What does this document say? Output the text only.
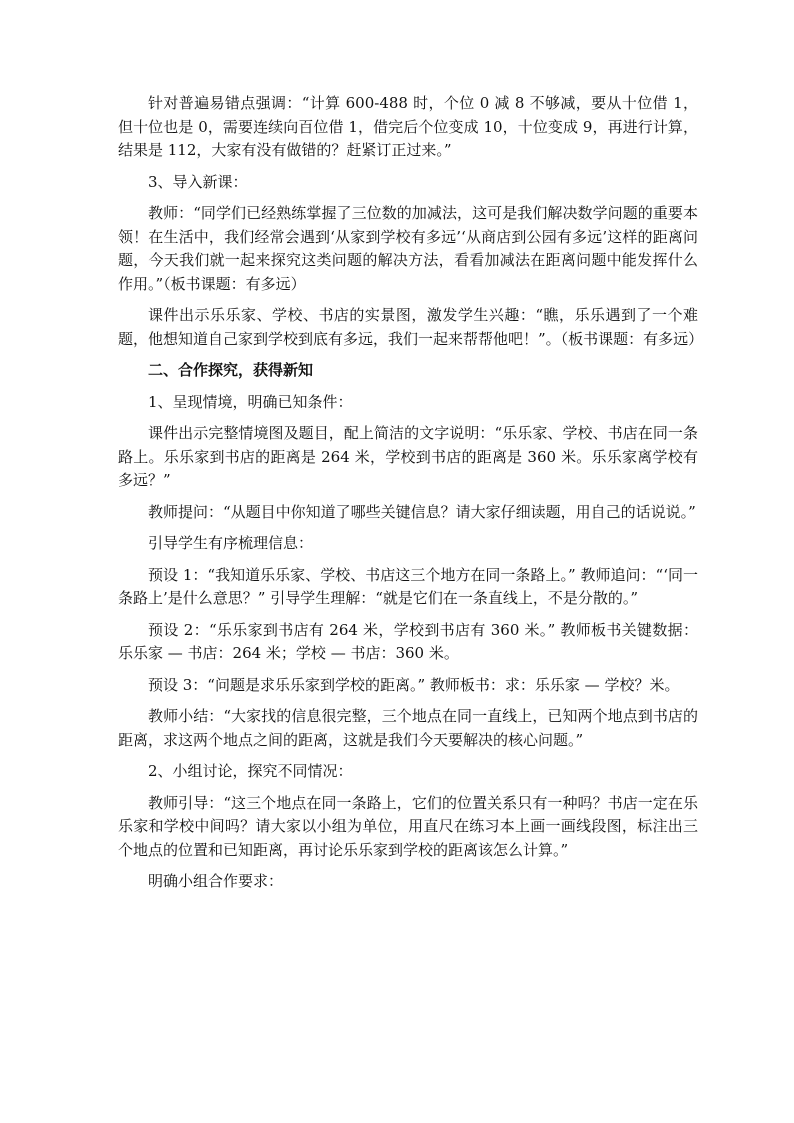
针对普遍易错点强调：“计算 600-488 时，个位 0 减 8 不够减，要从十位借 1，但十位也是 0，需要连续向百位借 1，借完后个位变成 10，十位变成 9，再进行计算，结果是 112，大家有没有做错的？赶紧订正过来。”

3、导入新课：

教师：“同学们已经熟练掌握了三位数的加减法，这可是我们解决数学问题的重要本领！在生活中，我们经常会遇到‘从家到学校有多远’‘从商店到公园有多远’这样的距离问题，今天我们就一起来探究这类问题的解决方法，看看加减法在距离问题中能发挥什么作用。”（板书课题：有多远）

课件出示乐乐家、学校、书店的实景图，激发学生兴趣：“瞧，乐乐遇到了一个难题，他想知道自己家到学校到底有多远，我们一起来帮帮他吧！”。（板书课题：有多远）

二、合作探究，获得新知

1、呈现情境，明确已知条件：

课件出示完整情境图及题目，配上简洁的文字说明：“乐乐家、学校、书店在同一条路上。乐乐家到书店的距离是 264 米，学校到书店的距离是 360 米。乐乐家离学校有多远？”

教师提问：“从题目中你知道了哪些关键信息？请大家仔细读题，用自己的话说说。”

引导学生有序梳理信息：

预设 1：“我知道乐乐家、学校、书店这三个地方在同一条路上。” 教师追问：“‘同一条路上’是什么意思？” 引导学生理解：“就是它们在一条直线上，不是分散的。”

预设 2：“乐乐家到书店有 264 米，学校到书店有 360 米。” 教师板书关键数据：乐乐家 — 书店：264 米；学校 — 书店：360 米。

预设 3：“问题是求乐乐家到学校的距离。” 教师板书：求：乐乐家 — 学校？米。

教师小结：“大家找的信息很完整，三个地点在同一直线上，已知两个地点到书店的距离，求这两个地点之间的距离，这就是我们今天要解决的核心问题。”

2、小组讨论，探究不同情况：

教师引导：“这三个地点在同一条路上，它们的位置关系只有一种吗？书店一定在乐乐家和学校中间吗？请大家以小组为单位，用直尺在练习本上画一画线段图，标注出三个地点的位置和已知距离，再讨论乐乐家到学校的距离该怎么计算。”

明确小组合作要求：
